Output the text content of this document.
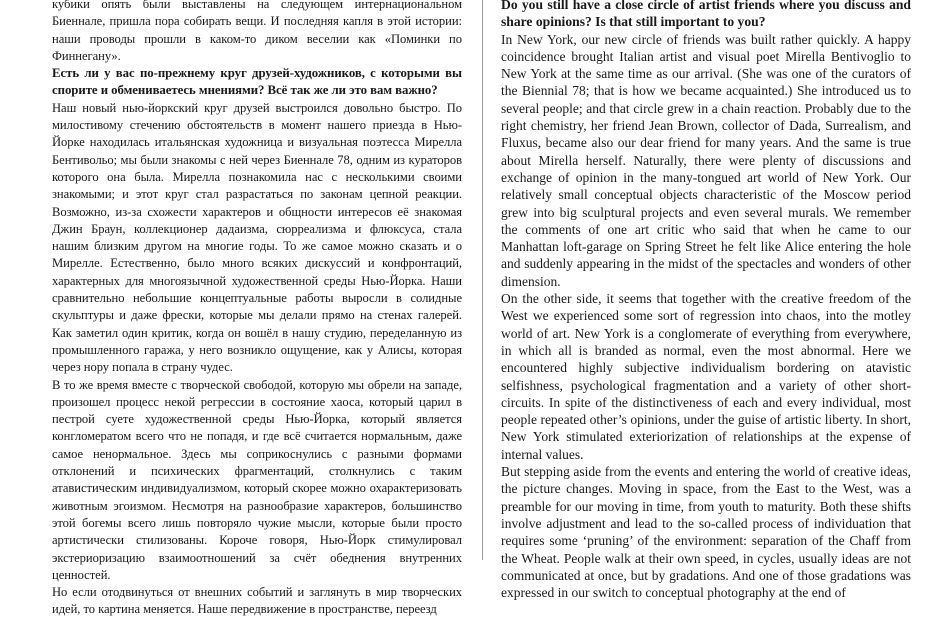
кубики опять были выставлены на следующем интернациональном Биеннале, пришла пора собирать вещи. И последняя капля в этой истории: наши проводы прошли в каком-то диком веселии как «Поминки по Финнегану».

Есть ли у вас по-прежнему круг друзей-художников, с которыми вы спорите и обмениваетесь мнениями? Всё так же ли это вам важно?

Наш новый нью-йоркский круг друзей выстроился довольно быстро. По милостивому стечению обстоятельств в момент нашего приезда в Нью-Йорке находилась итальянская художница и визуальная поэтесса Мирелла Бентивольо; мы были знакомы с ней через Биеннале 78, одним из кураторов которого она была. Мирелла познакомила нас с несколькими своими знакомыми; и этот круг стал разрастаться по законам цепной реакции. Возможно, из-за схожести характеров и общности интересов её знакомая Джин Браун, коллекционер дадаизма, сюрреализма и флюксуса, стала нашим близким другом на многие годы. То же самое можно сказать и о Мирелле. Естественно, было много всяких дискуссий и конфронтаций, характерных для многоязычной художественной среды Нью-Йорка. Наши сравнительно небольшие концептуальные работы выросли в солидные скульптуры и даже фрески, которые мы делали прямо на стенах галерей. Как заметил один критик, когда он вошёл в нашу студию, переделанную из промышленного гаража, у него возникло ощущение, как у Алисы, которая через нору попала в страну чудес.

В то же время вместе с творческой свободой, которую мы обрели на западе, произошел процесс некой регрессии в состояние хаоса, который царил в пестрой суете художественной среды Нью-Йорка, который является конгломератом всего что не попадя, и где всё считается нормальным, даже самое ненормальное. Здесь мы соприкоснулись с разными формами отклонений и психических фрагментаций, столкнулись с таким атавистическим индивидуализмом, который скорее можно охарактеризовать животным эгоизмом. Несмотря на разнообразие характеров, большинство этой богемы всего лишь повторяло чужие мысли, которые были просто артистически стилизованы. Короче говоря, Нью-Йорк стимулировал экстериоризацию взаимоотношений за счёт обеднения внутренних ценностей.

Но если отодвинуться от внешних событий и заглянуть в мир творческих идей, то картина меняется. Наше передвижение в пространстве, переезд

Do you still have a close circle of artist friends where you discuss and share opinions? Is that still important to you?

In New York, our new circle of friends was built rather quickly. A happy coincidence brought Italian artist and visual poet Mirella Bentivoglio to New York at the same time as our arrival. (She was one of the curators of the Biennial 78; that is how we became acquainted.) She introduced us to several people; and that circle grew in a chain reaction. Probably due to the right chemistry, her friend Jean Brown, collector of Dada, Surrealism, and Fluxus, became also our dear friend for many years. And the same is true about Mirella herself. Naturally, there were plenty of discussions and exchange of opinion in the many-tongued art world of New York. Our relatively small conceptual objects characteristic of the Moscow period grew into big sculptural projects and even several murals. We remember the comments of one art critic who said that when he came to our Manhattan loft-garage on Spring Street he felt like Alice entering the hole and suddenly appearing in the midst of the spectacles and wonders of other dimension.

On the other side, it seems that together with the creative freedom of the West we experienced some sort of regression into chaos, into the motley world of art. New York is a conglomerate of everything from everywhere, in which all is branded as normal, even the most abnormal. Here we encountered highly subjective individualism bordering on atavistic selfishness, psychological fragmentation and a variety of other short-circuits. In spite of the distinctiveness of each and every individual, most people repeated other’s opinions, under the guise of artistic liberty. In short, New York stimulated exteriorization of relationships at the expense of internal values.

But stepping aside from the events and entering the world of creative ideas, the picture changes. Moving in space, from the East to the West, was a preamble for our moving in time, from youth to maturity. Both these shifts involve adjustment and lead to the so-called process of individuation that requires some ‘pruning’ of the environment: separation of the Chaff from the Wheat. People walk at their own speed, in cycles, usually ideas are not communicated at once, but by gradations. And one of those gradations was expressed in our switch to conceptual photography at the end of
